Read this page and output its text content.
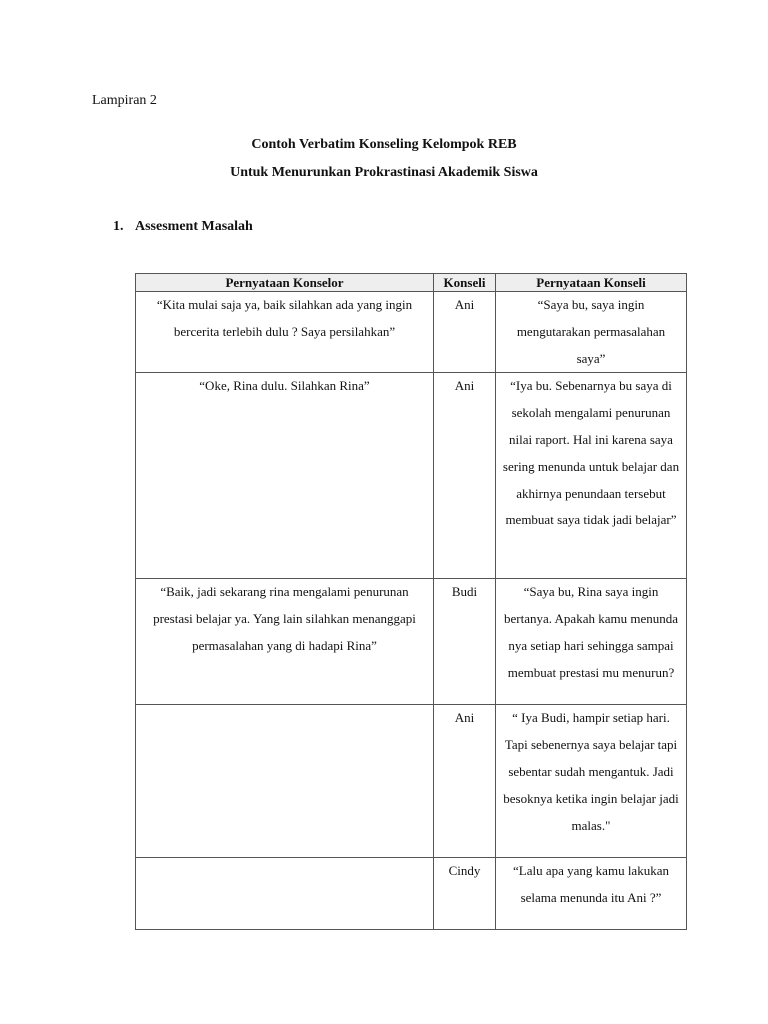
Lampiran 2
Contoh Verbatim Konseling Kelompok REB
Untuk Menurunkan Prokrastinasi Akademik Siswa
1. Assesment Masalah
Pernyataan Konselor	Konseli	Pernyataan Konseli
“Kita mulai saja ya, baik silahkan ada yang ingin bercerita terlebih dulu ? Saya persilahkan”	Ani	“Saya bu, saya ingin mengutarakan permasalahan saya”
“Oke, Rina dulu. Silahkan Rina”	Ani	“Iya bu. Sebenarnya bu saya di sekolah mengalami penurunan nilai raport. Hal ini karena saya sering menunda untuk belajar dan akhirnya penundaan tersebut membuat saya tidak jadi belajar”
“Baik, jadi sekarang rina mengalami penurunan prestasi belajar ya. Yang lain silahkan menanggapi permasalahan yang di hadapi Rina”	Budi	“Saya bu, Rina saya ingin bertanya. Apakah kamu menunda nya setiap hari sehingga sampai membuat prestasi mu menurun?
	Ani	“ Iya Budi, hampir setiap hari. Tapi sebenernya saya belajar tapi sebentar sudah mengantuk. Jadi besoknya ketika ingin belajar jadi malas."
	Cindy	“Lalu apa yang kamu lakukan selama menunda itu Ani ?”
